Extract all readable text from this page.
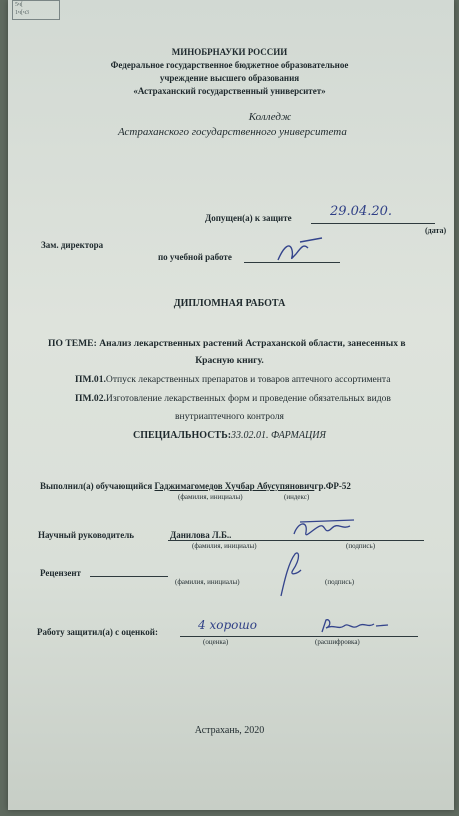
5ч[
1ч[ч3
МИНОБРНАУКИ РОССИИ
Федеральное государственное бюджетное образовательное
учреждение высшего образования
«Астраханский государственный университет»
Колледж
Астраханского государственного университета
Допущен(а) к защите	29.04.20.
(дата)
Зам. директора
по учебной работе
ДИПЛОМНАЯ РАБОТА
ПО ТЕМЕ: Анализ лекарственных растений Астраханской области, занесенных в
Красную книгу.
ПМ.01.Отпуск лекарственных препаратов и товаров аптечного ассортимента
ПМ.02.Изготовление лекарственных форм и проведение обязательных видов
внутриаптечного контроля
СПЕЦИАЛЬНОСТЬ:33.02.01. ФАРМАЦИЯ
Выполнил(а) обучающийся Гаджимагомедов Хучбар Абусупяновичгр.ФР-52
(фамилия, инициалы)	(индекс)
Научный руководитель	Данилова Л.Б..
(фамилия, инициалы)	(подпись)
Рецензент
(фамилия, инициалы)	(подпись)
Работу защитил(а) с оценкой:	4 хорошо
(оценка)	(расшифровка)
Астрахань, 2020
